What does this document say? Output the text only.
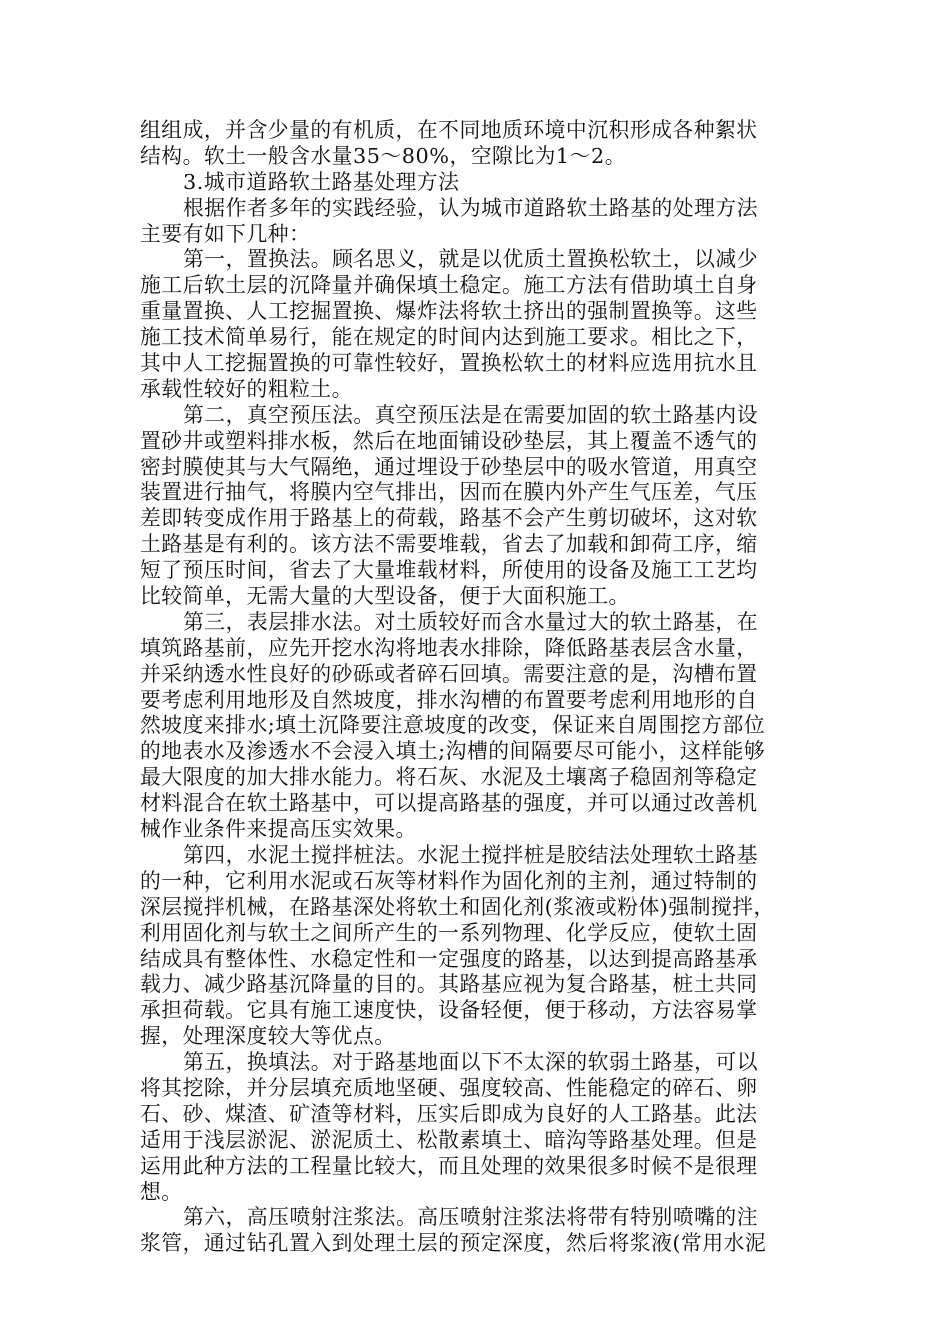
组组成，并含少量的有机质，在不同地质环境中沉积形成各种絮状
结构。软土一般含水量35～80%，空隙比为1～2。
3.城市道路软土路基处理方法
根据作者多年的实践经验，认为城市道路软土路基的处理方法
主要有如下几种：
第一，置换法。顾名思义，就是以优质土置换松软土，以减少
施工后软土层的沉降量并确保填土稳定。施工方法有借助填土自身
重量置换、人工挖掘置换、爆炸法将软土挤出的强制置换等。这些
施工技术简单易行，能在规定的时间内达到施工要求。相比之下，
其中人工挖掘置换的可靠性较好，置换松软土的材料应选用抗水且
承载性较好的粗粒土。
第二，真空预压法。真空预压法是在需要加固的软土路基内设
置砂井或塑料排水板，然后在地面铺设砂垫层，其上覆盖不透气的
密封膜使其与大气隔绝，通过埋设于砂垫层中的吸水管道，用真空
装置进行抽气，将膜内空气排出，因而在膜内外产生气压差，气压
差即转变成作用于路基上的荷载，路基不会产生剪切破坏，这对软
土路基是有利的。该方法不需要堆载，省去了加载和卸荷工序，缩
短了预压时间，省去了大量堆载材料，所使用的设备及施工工艺均
比较简单，无需大量的大型设备，便于大面积施工。
第三，表层排水法。对土质较好而含水量过大的软土路基，在
填筑路基前，应先开挖水沟将地表水排除，降低路基表层含水量，
并采纳透水性良好的砂砾或者碎石回填。需要注意的是，沟槽布置
要考虑利用地形及自然坡度，排水沟槽的布置要考虑利用地形的自
然坡度来排水;填土沉降要注意坡度的改变，保证来自周围挖方部位
的地表水及渗透水不会浸入填土;沟槽的间隔要尽可能小，这样能够
最大限度的加大排水能力。将石灰、水泥及土壤离子稳固剂等稳定
材料混合在软土路基中，可以提高路基的强度，并可以通过改善机
械作业条件来提高压实效果。
第四，水泥土搅拌桩法。水泥土搅拌桩是胶结法处理软土路基
的一种，它利用水泥或石灰等材料作为固化剂的主剂，通过特制的
深层搅拌机械，在路基深处将软土和固化剂(浆液或粉体)强制搅拌，
利用固化剂与软土之间所产生的一系列物理、化学反应，使软土固
结成具有整体性、水稳定性和一定强度的路基，以达到提高路基承
载力、减少路基沉降量的目的。其路基应视为复合路基，桩土共同
承担荷载。它具有施工速度快，设备轻便，便于移动，方法容易掌
握，处理深度较大等优点。
第五，换填法。对于路基地面以下不太深的软弱土路基，可以
将其挖除，并分层填充质地坚硬、强度较高、性能稳定的碎石、卵
石、砂、煤渣、矿渣等材料，压实后即成为良好的人工路基。此法
适用于浅层淤泥、淤泥质土、松散素填土、暗沟等路基处理。但是
运用此种方法的工程量比较大，而且处理的效果很多时候不是很理
想。
第六，高压喷射注浆法。高压喷射注浆法将带有特别喷嘴的注
浆管，通过钻孔置入到处理土层的预定深度，然后将浆液(常用水泥
